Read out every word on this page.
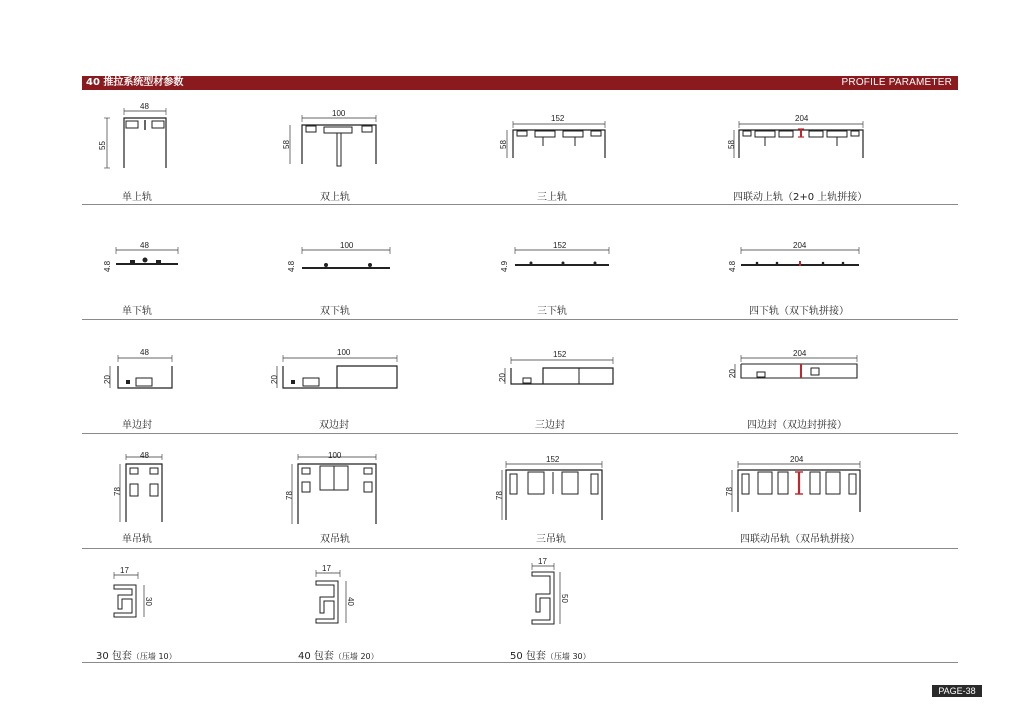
40 推拉系统型材参数	PROFILE PARAMETER
48
55
单上轨
100
58
双上轨
152
58
三上轨
204
58
四联动上轨（2+0 上轨拼接）
48
4.8
单下轨
100
4.8
双下轨
152
4.9
三下轨
204
4.8
四下轨（双下轨拼接）
48
20
单边封
100
20
双边封
152
20
三边封
204
20
四边封（双边封拼接）
48
78
单吊轨
100
78
双吊轨
152
78
三吊轨
204
78
四联动吊轨（双吊轨拼接）
17
30
30 包套（压墙 10）
17
40
40 包套（压墙 20）
17
50
50 包套（压墙 30）
PAGE-38
